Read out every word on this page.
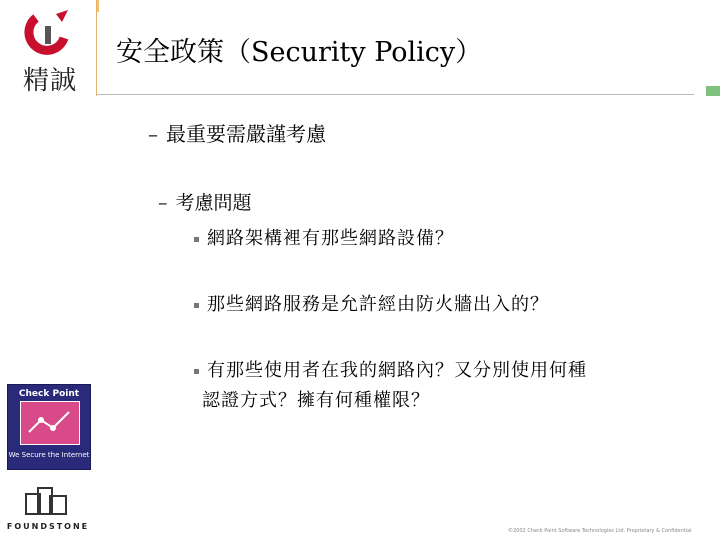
精誠
Check Point
We Secure the Internet
FOUNDSTONE
安全政策（Security Policy）
– 最重要需嚴謹考慮
– 考慮問題
網路架構裡有那些網路設備？
那些網路服務是允許經由防火牆出入的？
有那些使用者在我的網路內？又分別使用何種
認證方式？擁有何種權限？
©2002 Check Point Software Technologies Ltd. Proprietary & Confidential
